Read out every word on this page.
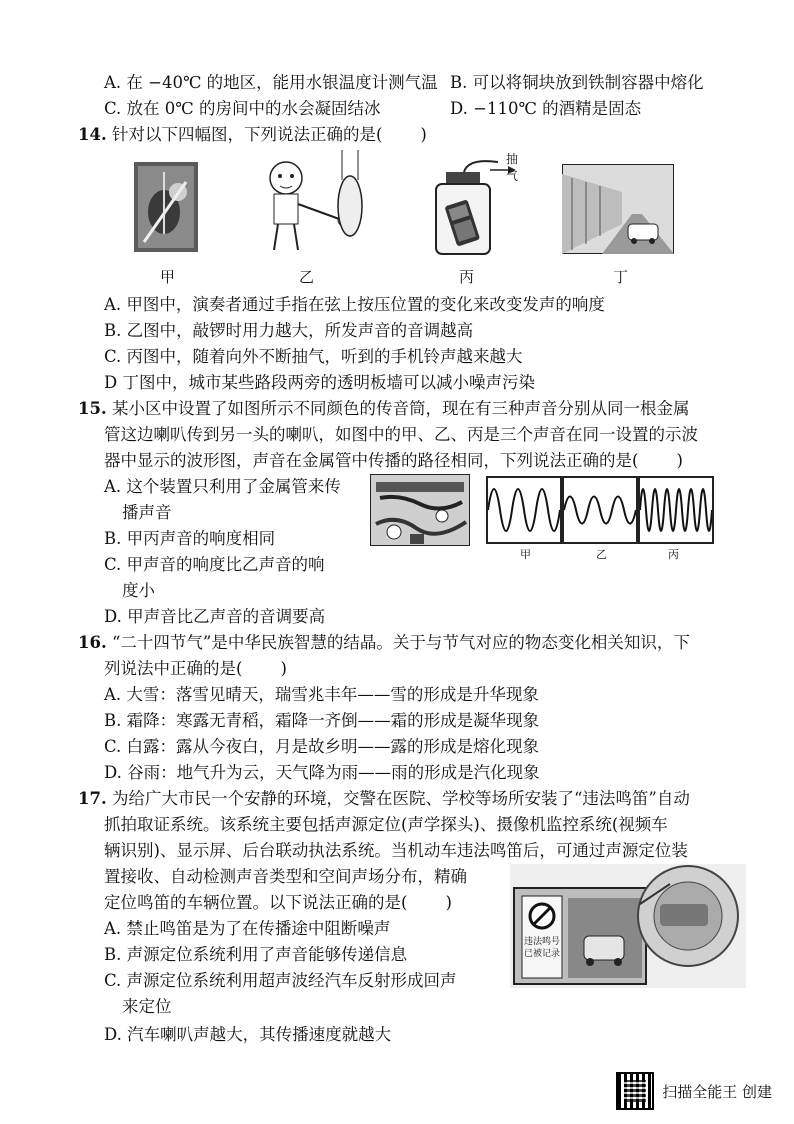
A. 在 −40℃ 的地区，能用水银温度计测气温 B. 可以将铜块放到铁制容器中熔化
C. 放在 0℃ 的房间中的水会凝固结冰	D. −110℃ 的酒精是固态
14. 针对以下四幅图，下列说法正确的是( )
抽气
甲	乙	丙	丁
A. 甲图中，演奏者通过手指在弦上按压位置的变化来改变发声的响度
B. 乙图中，敲锣时用力越大，所发声音的音调越高
C. 丙图中，随着向外不断抽气，听到的手机铃声越来越大
D 丁图中，城市某些路段两旁的透明板墙可以减小噪声污染
15. 某小区中设置了如图所示不同颜色的传音筒，现在有三种声音分别从同一根金属
管这边喇叭传到另一头的喇叭，如图中的甲、乙、丙是三个声音在同一设置的示波
器中显示的波形图，声音在金属管中传播的路径相同，下列说法正确的是( )
A. 这个装置只利用了金属管来传
播声音
B. 甲丙声音的响度相同
C. 甲声音的响度比乙声音的响
度小
D. 甲声音比乙声音的音调要高
甲	乙	丙
16. “二十四节气”是中华民族智慧的结晶。关于与节气对应的物态变化相关知识，下
列说法中正确的是( )
A. 大雪：落雪见晴天，瑞雪兆丰年——雪的形成是升华现象
B. 霜降：寒露无青稻，霜降一齐倒——霜的形成是凝华现象
C. 白露：露从今夜白，月是故乡明——露的形成是熔化现象
D. 谷雨：地气升为云，天气降为雨——雨的形成是汽化现象
17. 为给广大市民一个安静的环境，交警在医院、学校等场所安装了“违法鸣笛”自动
抓拍取证系统。该系统主要包括声源定位(声学探头)、摄像机监控系统(视频车
辆识别)、显示屏、后台联动执法系统。当机动车违法鸣笛后，可通过声源定位装
置接收、自动检测声音类型和空间声场分布，精确
定位鸣笛的车辆位置。以下说法正确的是( )
A. 禁止鸣笛是为了在传播途中阻断噪声
B. 声源定位系统利用了声音能够传递信息
C. 声源定位系统利用超声波经汽车反射形成回声
来定位
D. 汽车喇叭声越大，其传播速度就越大
违法鸣号 已被记录
扫描全能王 创建
